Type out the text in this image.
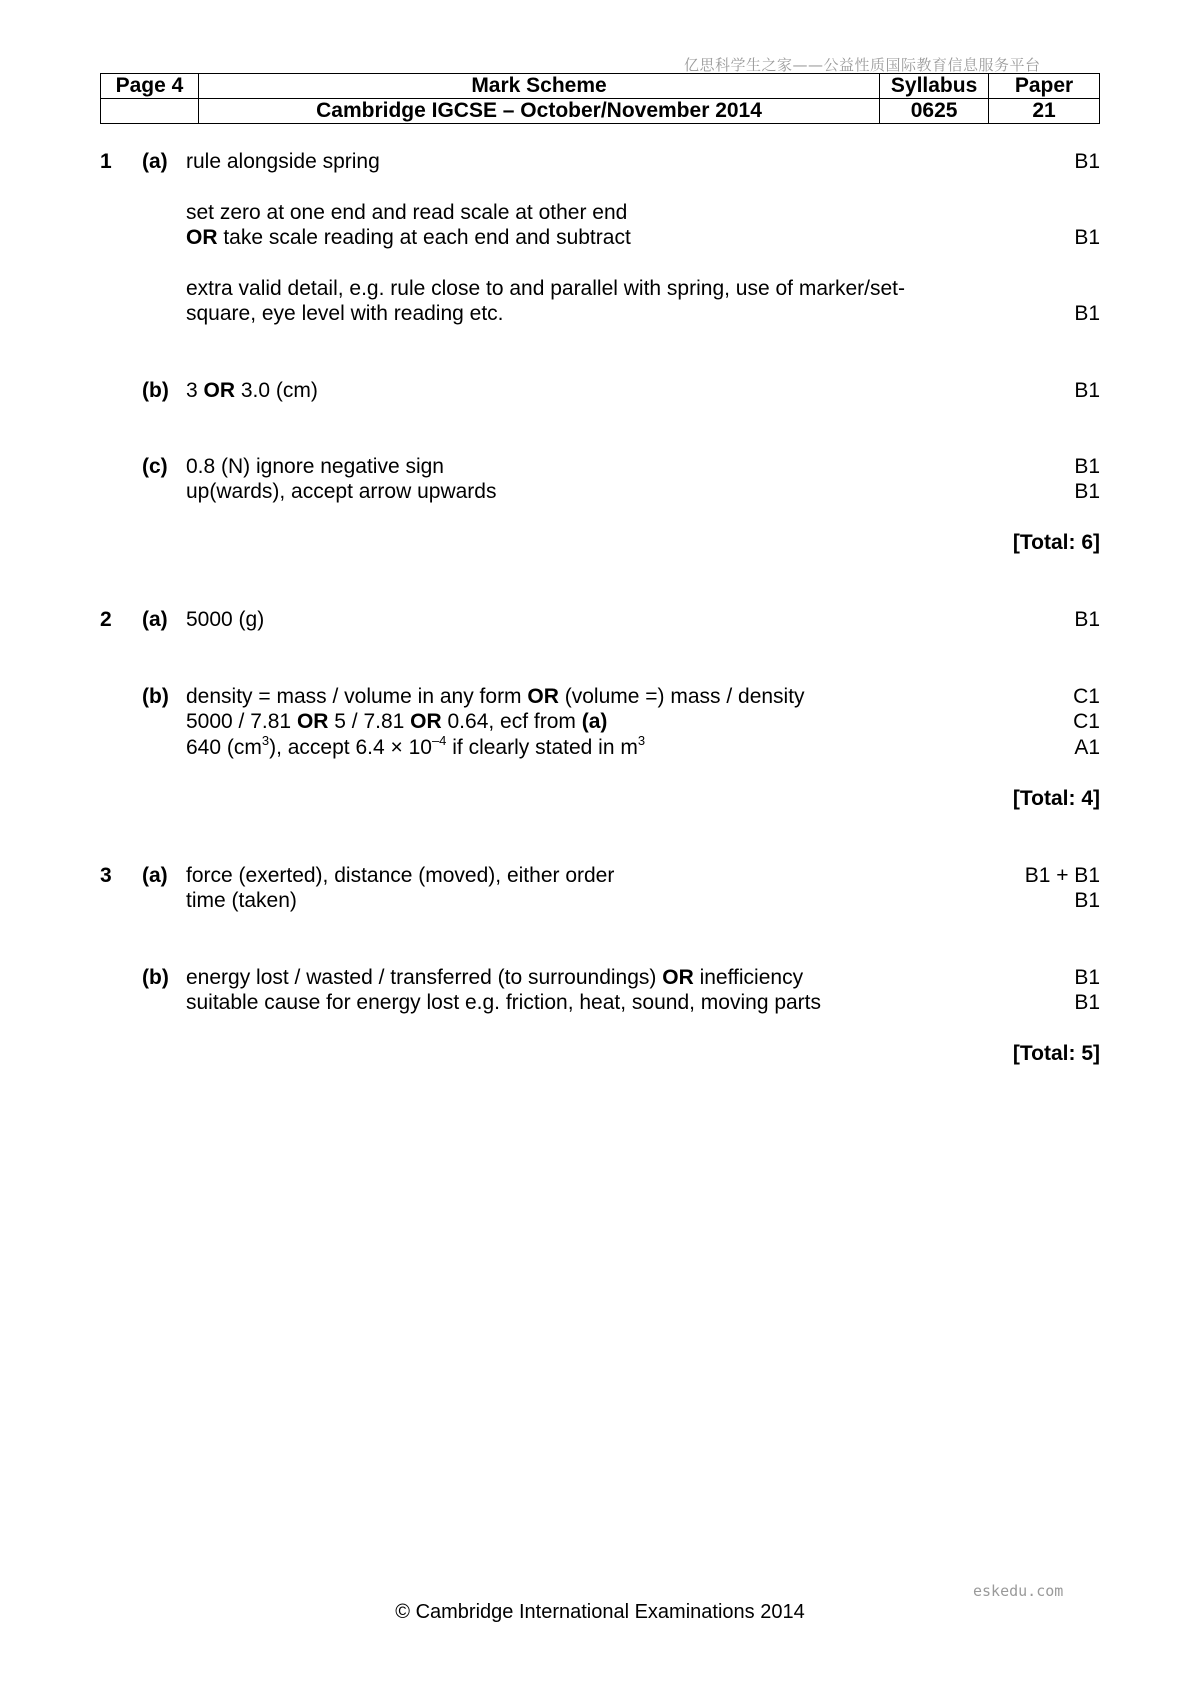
亿思科学生之家——公益性质国际教育信息服务平台
Page 4	Mark Scheme	Syllabus	Paper
	Cambridge IGCSE – October/November 2014	0625	21
1 (a) rule alongside spring	B1
set zero at one end and read scale at other end
OR take scale reading at each end and subtract	B1
extra valid detail, e.g. rule close to and parallel with spring, use of marker/set-
square, eye level with reading etc.	B1
(b) 3 OR 3.0 (cm)	B1
(c) 0.8 (N) ignore negative sign	B1
up(wards), accept arrow upwards	B1
[Total: 6]
2 (a) 5000 (g)	B1
(b) density = mass / volume in any form OR (volume =) mass / density	C1
5000 / 7.81 OR 5 / 7.81 OR 0.64, ecf from (a)	C1
640 $(cm^3)$, accept $6.4 \times 10^{-4}$ if clearly stated in $m^3$	A1
[Total: 4]
3 (a) force (exerted), distance (moved), either order	B1 + B1
time (taken)	B1
(b) energy lost / wasted / transferred (to surroundings) OR inefficiency	B1
suitable cause for energy lost e.g. friction, heat, sound, moving parts	B1
[Total: 5]
eskedu.com
© Cambridge International Examinations 2014
